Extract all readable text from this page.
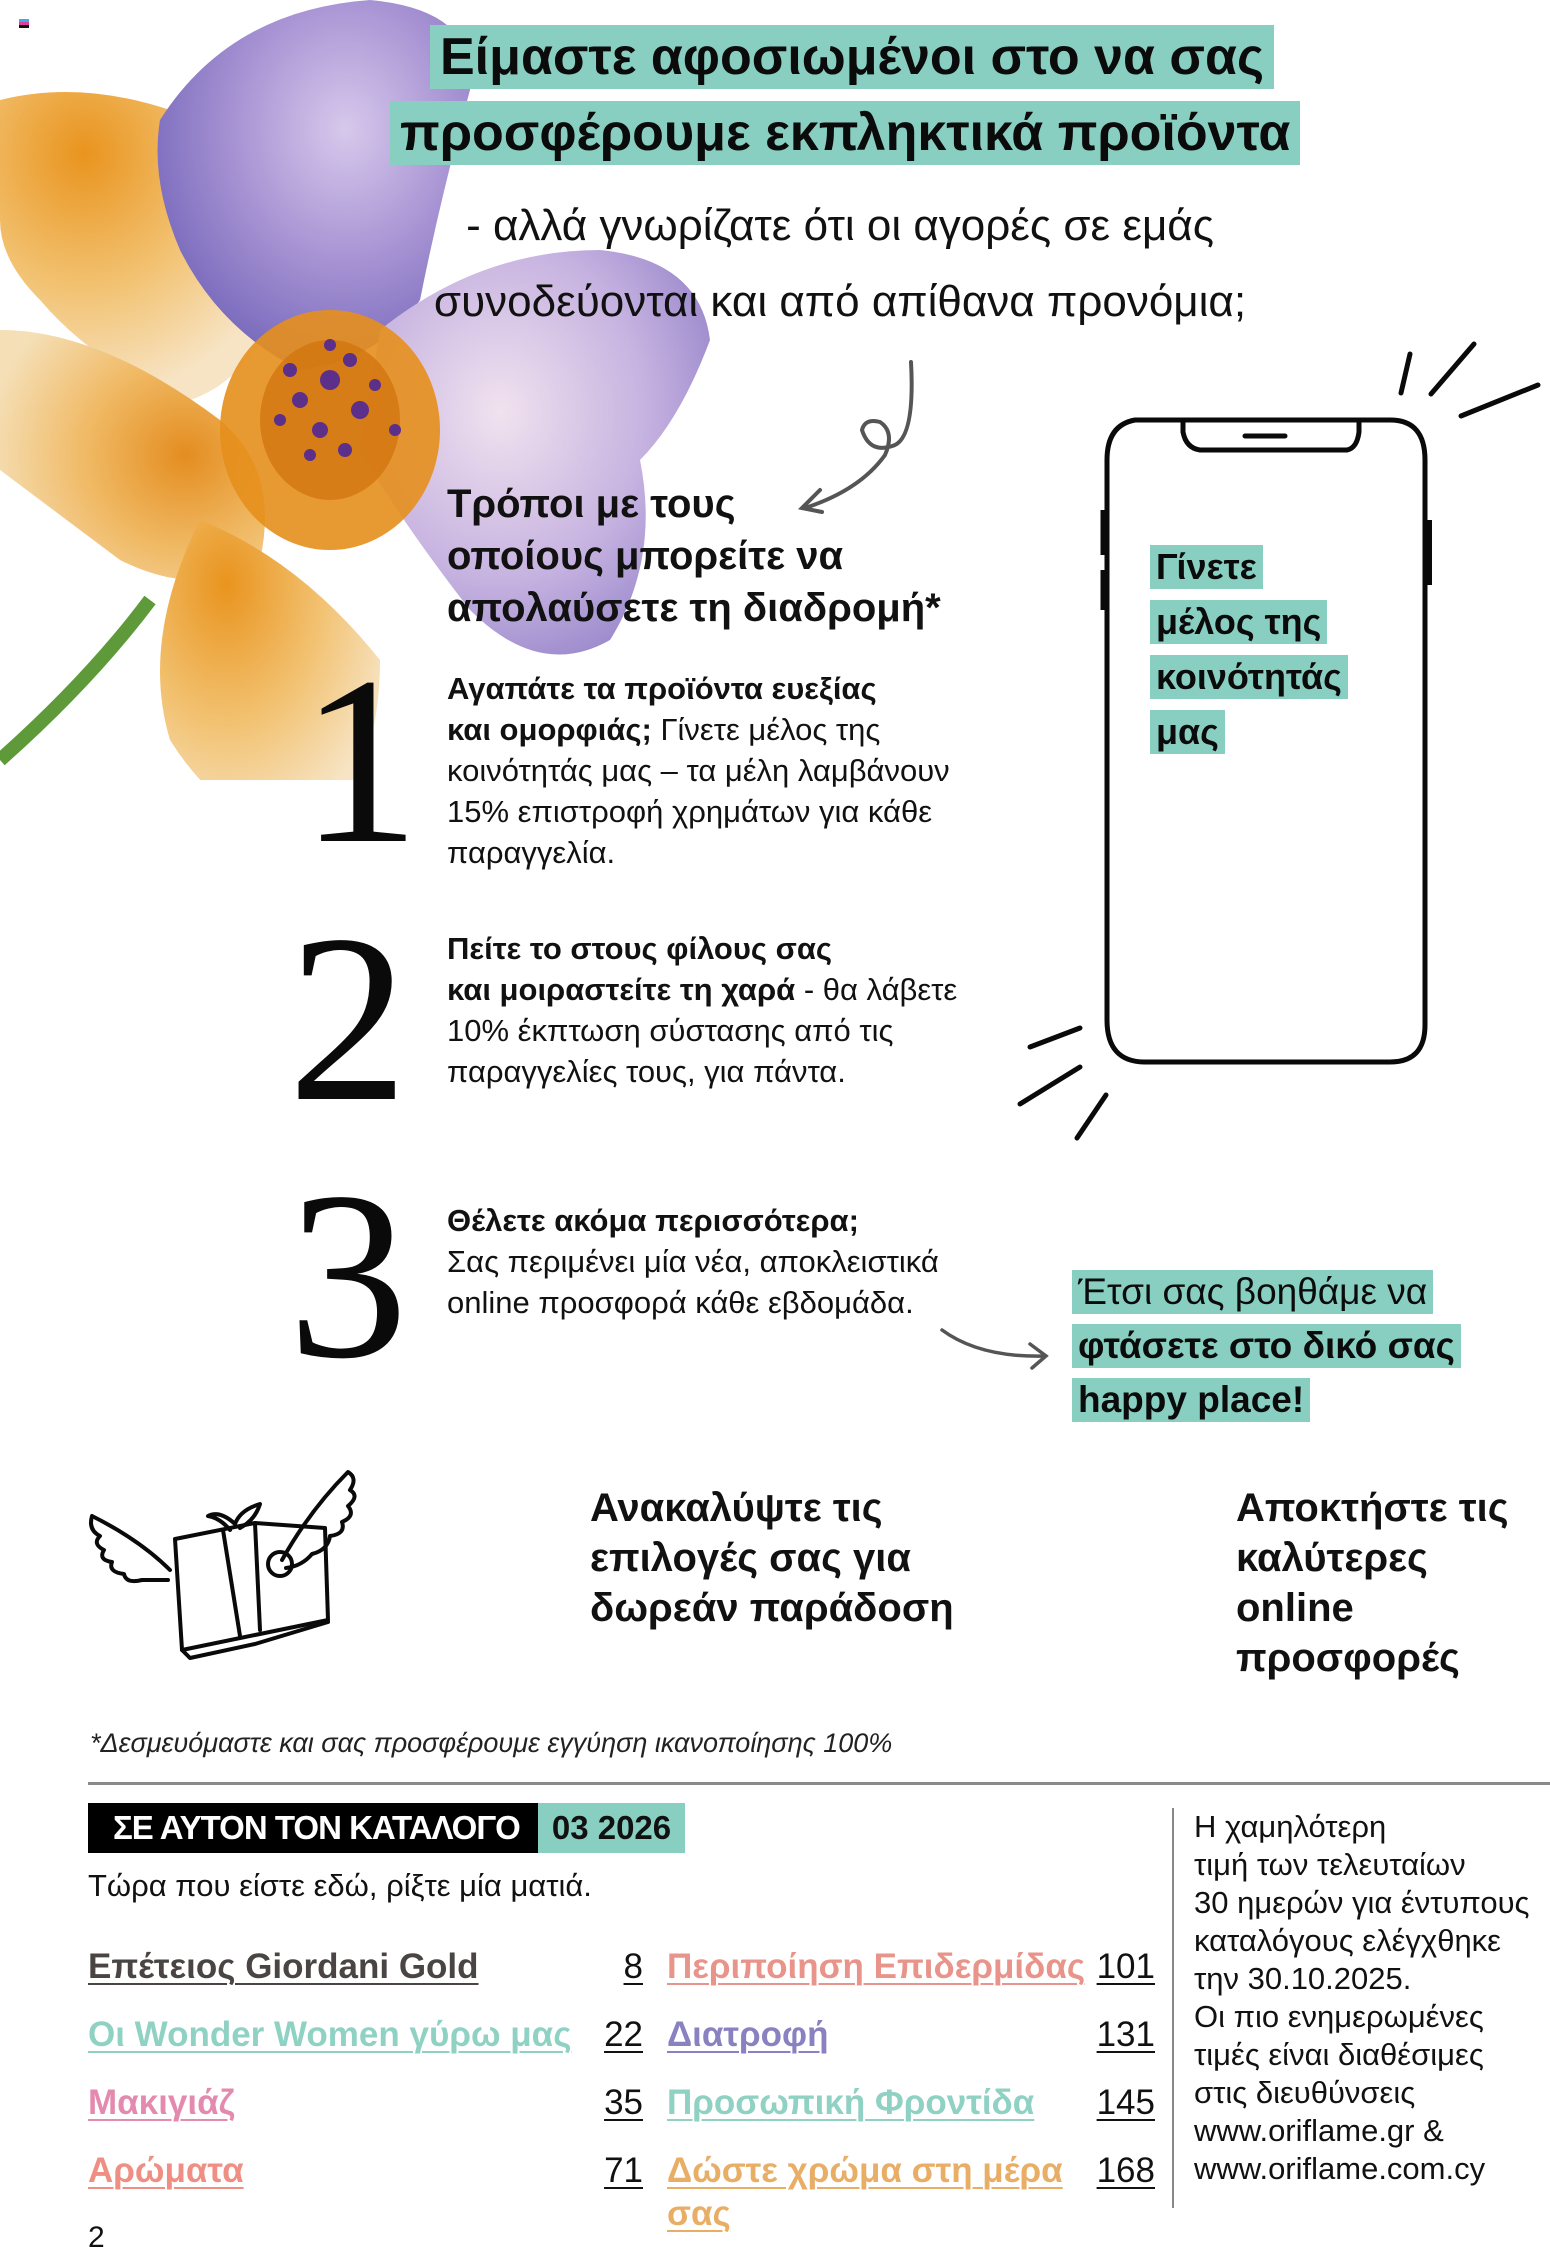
Είμαστε αφοσιωμένοι στο να σας
προσφέρουμε εκπληκτικά προϊόντα
- αλλά γνωρίζατε ότι οι αγορές σε εμάς
συνοδεύονται και από απίθανα προνόμια;
Τρόποι με τους
οποίους μπορείτε να
απολαύσετε τη διαδρομή*
1 Αγαπάτε τα προϊόντα ευεξίας
και ομορφιάς; Γίνετε μέλος της
κοινότητάς μας – τα μέλη λαμβάνουν
15% επιστροφή χρημάτων για κάθε
παραγγελία.
2 Πείτε το στους φίλους σας
και μοιραστείτε τη χαρά - θα λάβετε
10% έκπτωση σύστασης από τις
παραγγελίες τους, για πάντα.
3 Θέλετε ακόμα περισσότερα;
Σας περιμένει μία νέα, αποκλειστικά
online προσφορά κάθε εβδομάδα.
Γίνετε
μέλος της
κοινότητάς
μας
Έτσι σας βοηθάμε να
φτάσετε στο δικό σας
happy place!
Ανακαλύψτε τις
επιλογές σας για
δωρεάν παράδοση
Αποκτήστε τις
καλύτερες online
προσφορές
*Δεσμευόμαστε και σας προσφέρουμε εγγύηση ικανοποίησης 100%
ΣΕ ΑΥΤΟΝ ΤΟΝ ΚΑΤΑΛΟΓΟ 03 2026
Τώρα που είστε εδώ, ρίξτε μία ματιά.
Επέτειος Giordani Gold	8
Οι Wonder Women γύρω μας 22
Μακιγιάζ	35
Αρώματα	71
Περιποίηση Επιδερμίδας 101
Διατροφή	131
Προσωπική Φροντίδα	145
Δώστε χρώμα στη μέρα
σας
168
Η χαμηλότερη
τιμή των τελευταίων
30 ημερών για έντυπους
καταλόγους ελέγχθηκε
την 30.10.2025.
Οι πιο ενημερωμένες
τιμές είναι διαθέσιμες
στις διευθύνσεις
www.oriflame.gr &
www.oriflame.com.cy
2
